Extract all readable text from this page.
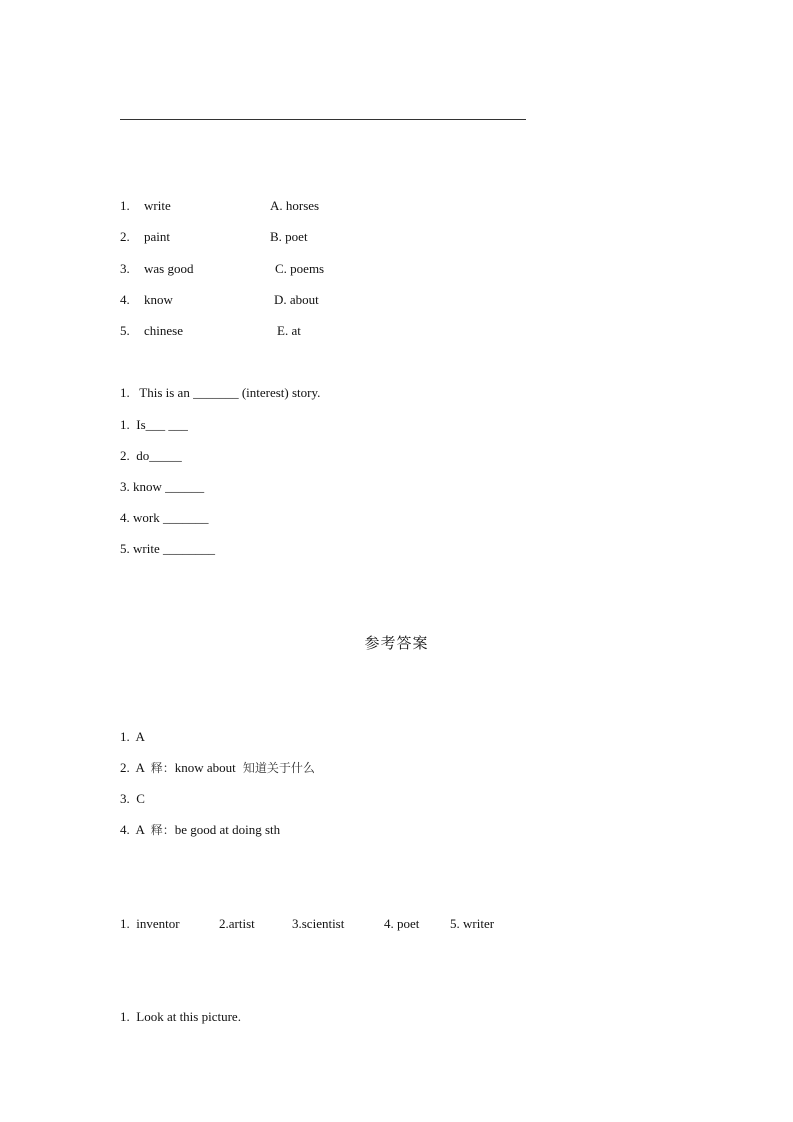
1. write	A. horses
2. paint	B. poet
3. was good	C. poems
4. know	D. about
5. chinese	E. at
1.   This is an _______ (interest) story.
1.  Is___ ___
2.  do_____
3. know ______
4. work _______
5. write ________
参考答案
1.  A
2.  A  释：know about  知道关于什么
3.  C
4.  A  释：be good at doing sth
1.  inventor	2.artist	3.scientist	4. poet 5. writer
1.  Look at this picture.
